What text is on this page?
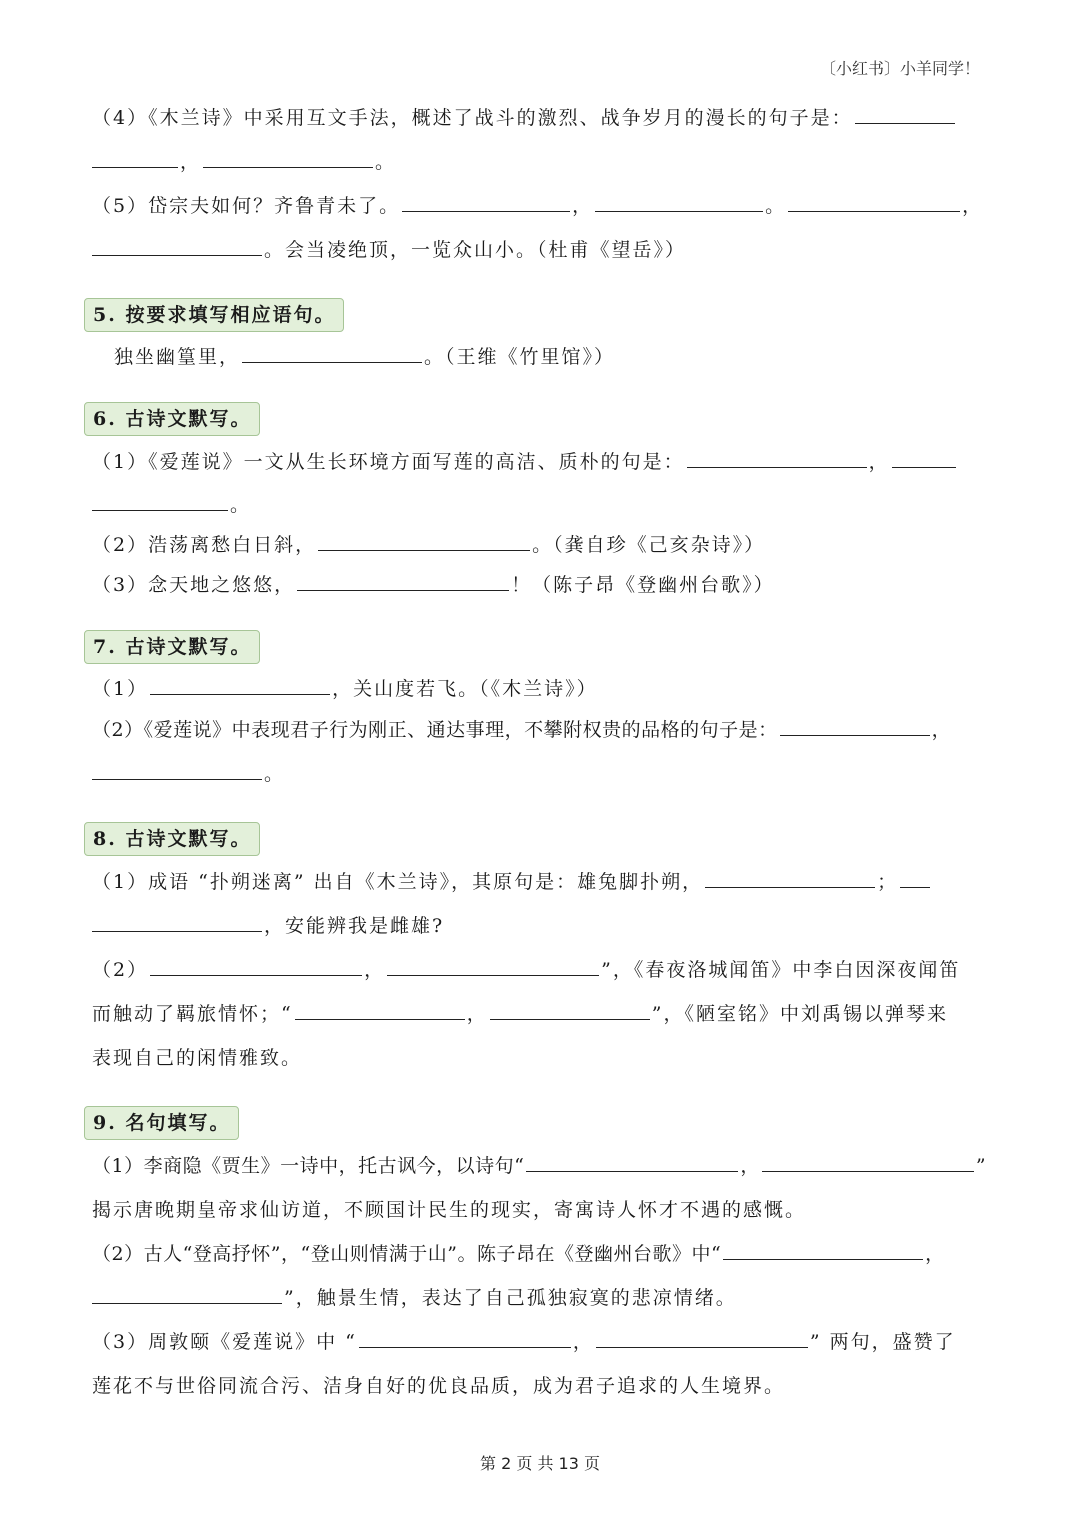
〔小红书〕小羊同学！
（4）《木兰诗》中采用互文手法，概述了战斗的激烈、战争岁月的漫长的句子是：
，	。
（5）岱宗夫如何？齐鲁青未了。	，	。	，
。会当凌绝顶，一览众山小。（杜甫《望岳》）
5. 按要求填写相应语句。
独坐幽篁里，	。（王维《竹里馆》）
6. 古诗文默写。
（1）《爱莲说》一文从生长环境方面写莲的高洁、质朴的句是：	，
。
（2）浩荡离愁白日斜，	。（龚自珍《己亥杂诗》）
（3）念天地之悠悠，	！（陈子昂《登幽州台歌》）
7. 古诗文默写。
（1）	，关山度若飞。（《木兰诗》）
（2）《爱莲说》中表现君子行为刚正、通达事理，不攀附权贵的品格的句子是：	，
。
8. 古诗文默写。
（1）成语 “扑朔迷离” 出自《木兰诗》，其原句是：雄兔脚扑朔，	；
，安能辨我是雌雄?
（2）	，	”，《春夜洛城闻笛》中李白因深夜闻笛
而触动了羁旅情怀；“	，	”，《陋室铭》中刘禹锡以弹琴来
表现自己的闲情雅致。
9. 名句填写。
（1）李商隐《贾生》一诗中，托古讽今，以诗句“	，	”
揭示唐晚期皇帝求仙访道，不顾国计民生的现实，寄寓诗人怀才不遇的感慨。
（2）古人“登高抒怀”，“登山则情满于山”。陈子昂在《登幽州台歌》中“	，
”，触景生情，表达了自己孤独寂寞的悲凉情绪。
（3）周敦颐《爱莲说》中 “	，	” 两句，盛赞了
莲花不与世俗同流合污、洁身自好的优良品质，成为君子追求的人生境界。
第 2 页 共 13 页
